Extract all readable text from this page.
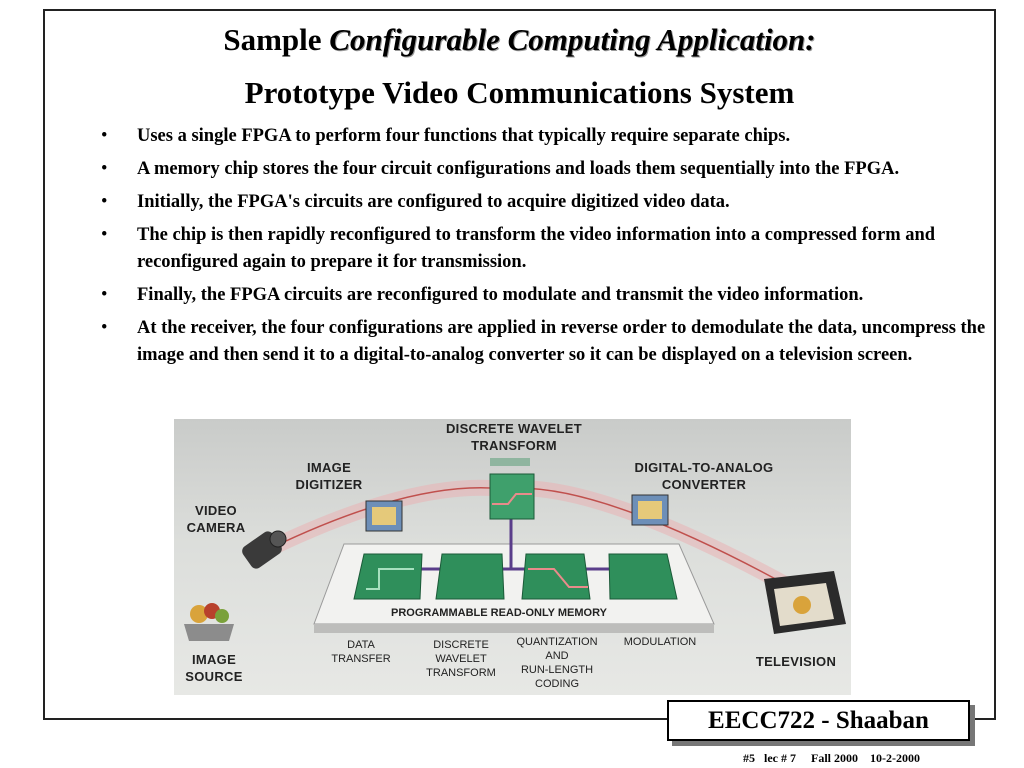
Sample Configurable Computing Application:
Prototype Video Communications System
• Uses a single FPGA to perform four functions that typically require separate chips.
• A memory chip stores the four circuit configurations and loads them sequentially into the FPGA.
• Initially, the FPGA's circuits are configured to acquire digitized video data.
• The chip is then rapidly reconfigured to transform the video information into a compressed form and reconfigured again to prepare it for transmission.
• Finally, the FPGA circuits are reconfigured to modulate and transmit the video information.
• At the receiver, the four configurations are applied in reverse order to demodulate the data, uncompress the image and then send it to a digital-to-analog converter so it can be displayed on a television screen.
DISCRETE WAVELET
TRANSFORM
IMAGE
DIGITIZER
DIGITAL-TO-ANALOG
CONVERTER
VIDEO
CAMERA
PROGRAMMABLE READ-ONLY MEMORY
IMAGE
SOURCE
TELEVISION
DATA
TRANSFER
DISCRETE
WAVELET
TRANSFORM
QUANTIZATION
AND
RUN-LENGTH
CODING
MODULATION
EECC722 - Shaaban
#5   lec # 7     Fall 2000    10-2-2000
